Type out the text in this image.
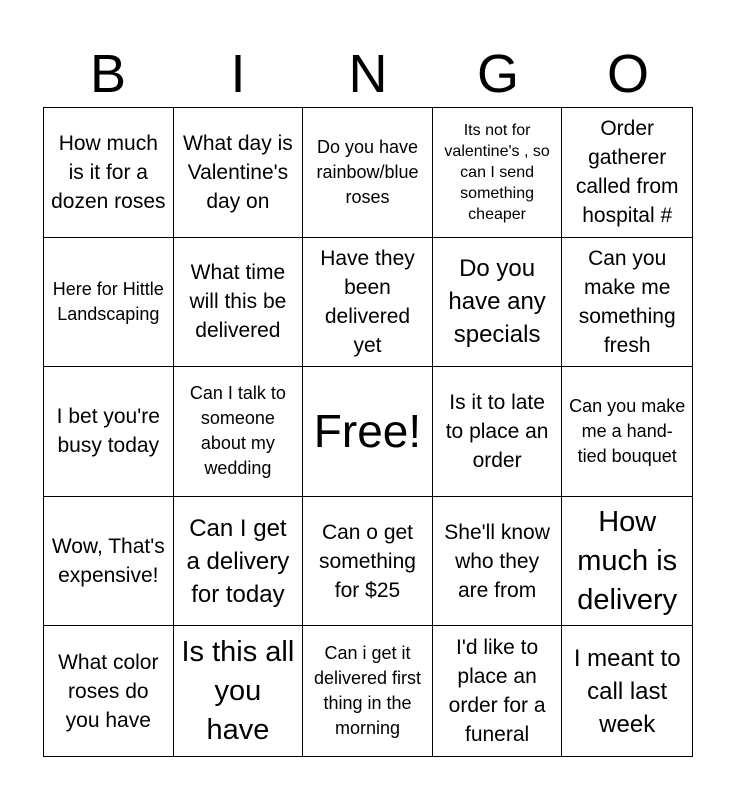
B	I	N	G	O
How much is it for a dozen roses
What day is Valentine's day on
Do you have rainbow/blue roses
Its not for valentine's , so can I send something cheaper
Order gatherer called from hospital #
Here for Hittle Landscaping
What time will this be delivered
Have they been delivered yet
Do you have any specials
Can you make me something fresh
I bet you're busy today
Can I talk to someone about my wedding
Free!
Is it to late to place an order
Can you make me a hand-tied bouquet
Wow, That's expensive!
Can I get a delivery for today
Can o get something for $25
She'll know who they are from
How much is delivery
What color roses do you have
Is this all you have
Can i get it delivered first thing in the morning
I'd like to place an order for a funeral
I meant to call last week
